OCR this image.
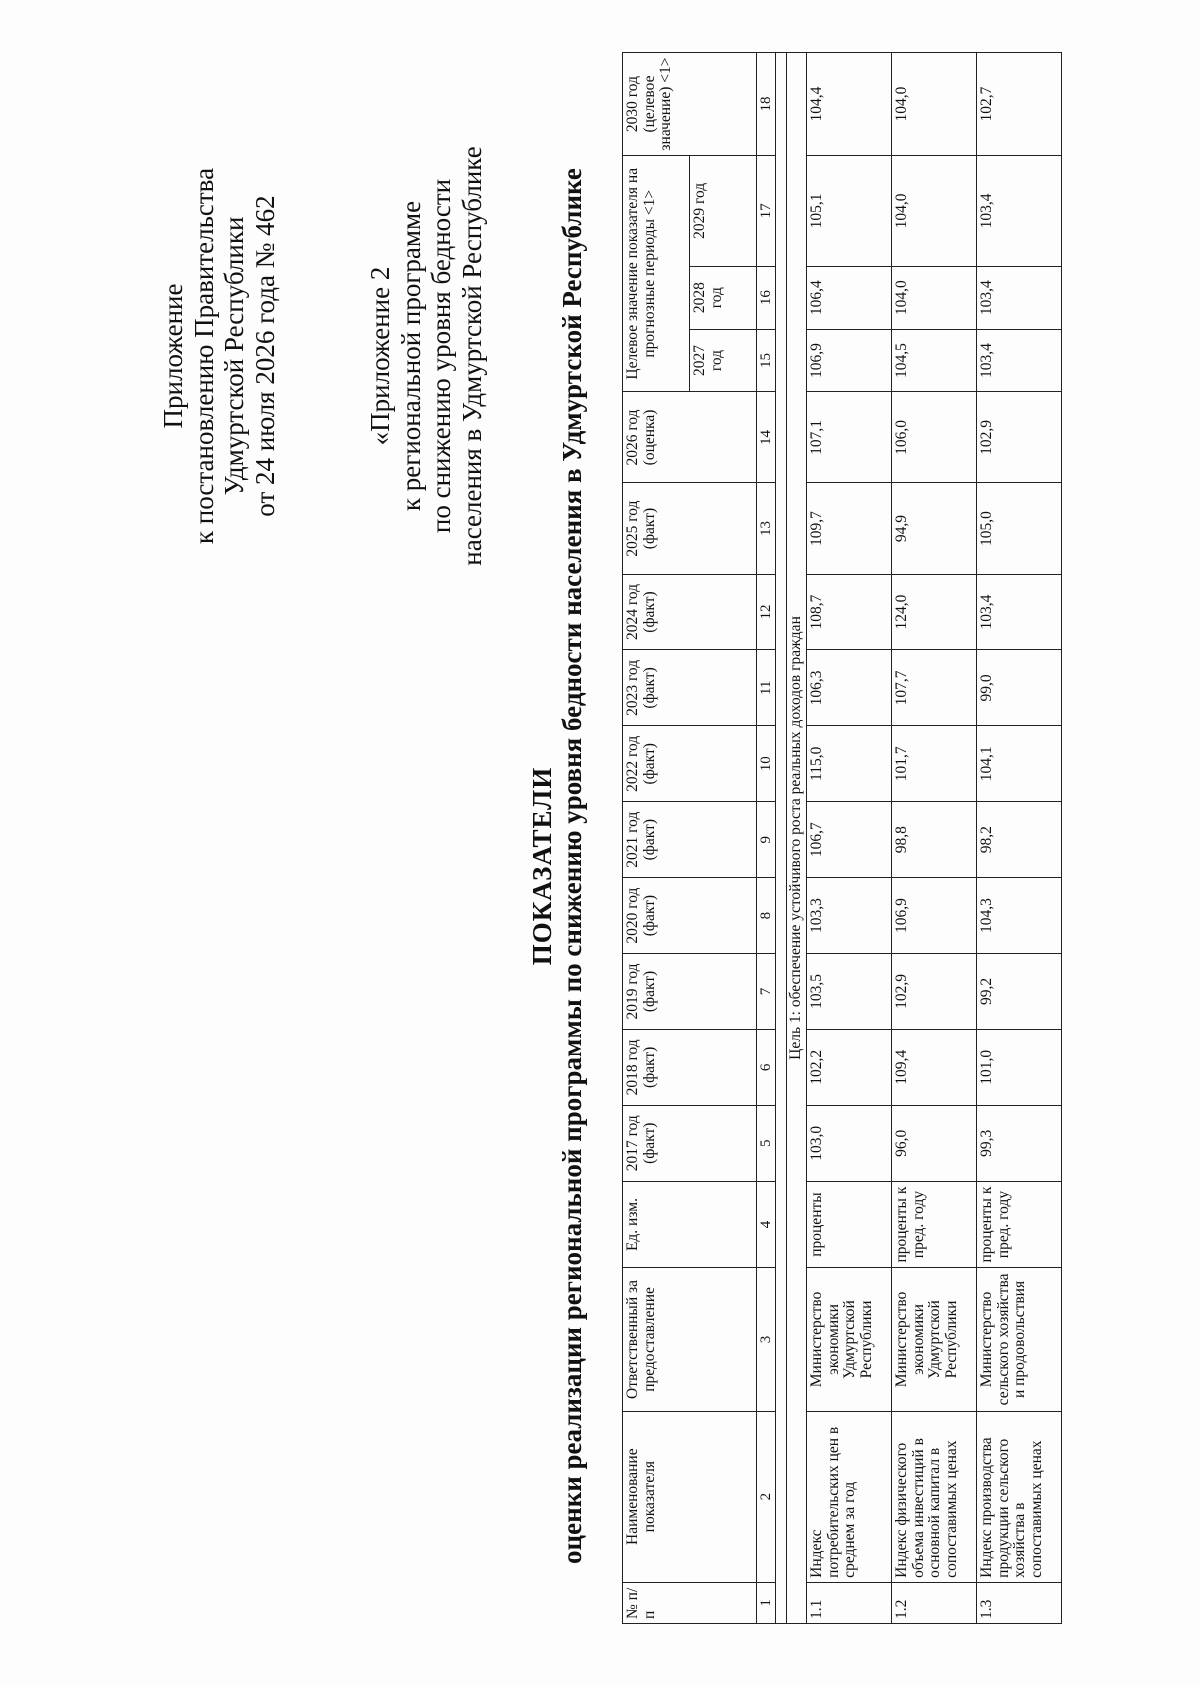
Приложение к постановлению Правительства Удмуртской Республики от 24 июля 2026 года № 462	«Приложение 2 к региональной программе по снижению уровня бедности населения в Удмуртской Республике
ПОКАЗАТЕЛИ оценки реализации региональной программы по снижению уровня бедности населения в Удмуртской Республике
№ п/п	Наименование показателя	Ответственный за предоставление	Ед. изм.	2017 год (факт)	2018 год (факт)	2019 год (факт)	2020 год (факт)	2021 год (факт)	2022 год (факт)	2023 год (факт)	2024 год (факт)	2025 год (факт)	2026 год (оценка)	Целевое значение показателя на прогнозные периоды <1>			2030 год (целевое значение) <1>
														2027 год	2028 год	2029 год	
1	2	3	4	5	6	7	8	9	10	11	12	13	14	15	16	17	18

Цель 1: обеспечение устойчивого роста реальных доходов граждан																	
1.1	Индекс потребительских цен в среднем за год	Министерство экономики Удмуртской Республики	проценты	103,0	102,2	103,5	103,3	106,7	115,0	106,3	108,7	109,7	107,1	106,9	106,4	105,1	104,4
1.2	Индекс физического объема инвестиций в основной капитал в сопоставимых ценах	Министерство экономики Удмуртской Республики	проценты к пред. году	96,0	109,4	102,9	106,9	98,8	101,7	107,7	124,0	94,9	106,0	104,5	104,0	104,0	104,0
1.3	Индекс производства продукции сельского хозяйства в сопоставимых ценах	Министерство сельского хозяйства и продовольствия	проценты к пред. году	99,3	101,0	99,2	104,3	98,2	104,1	99,0	103,4	105,0	102,9	103,4	103,4	103,4	102,7
